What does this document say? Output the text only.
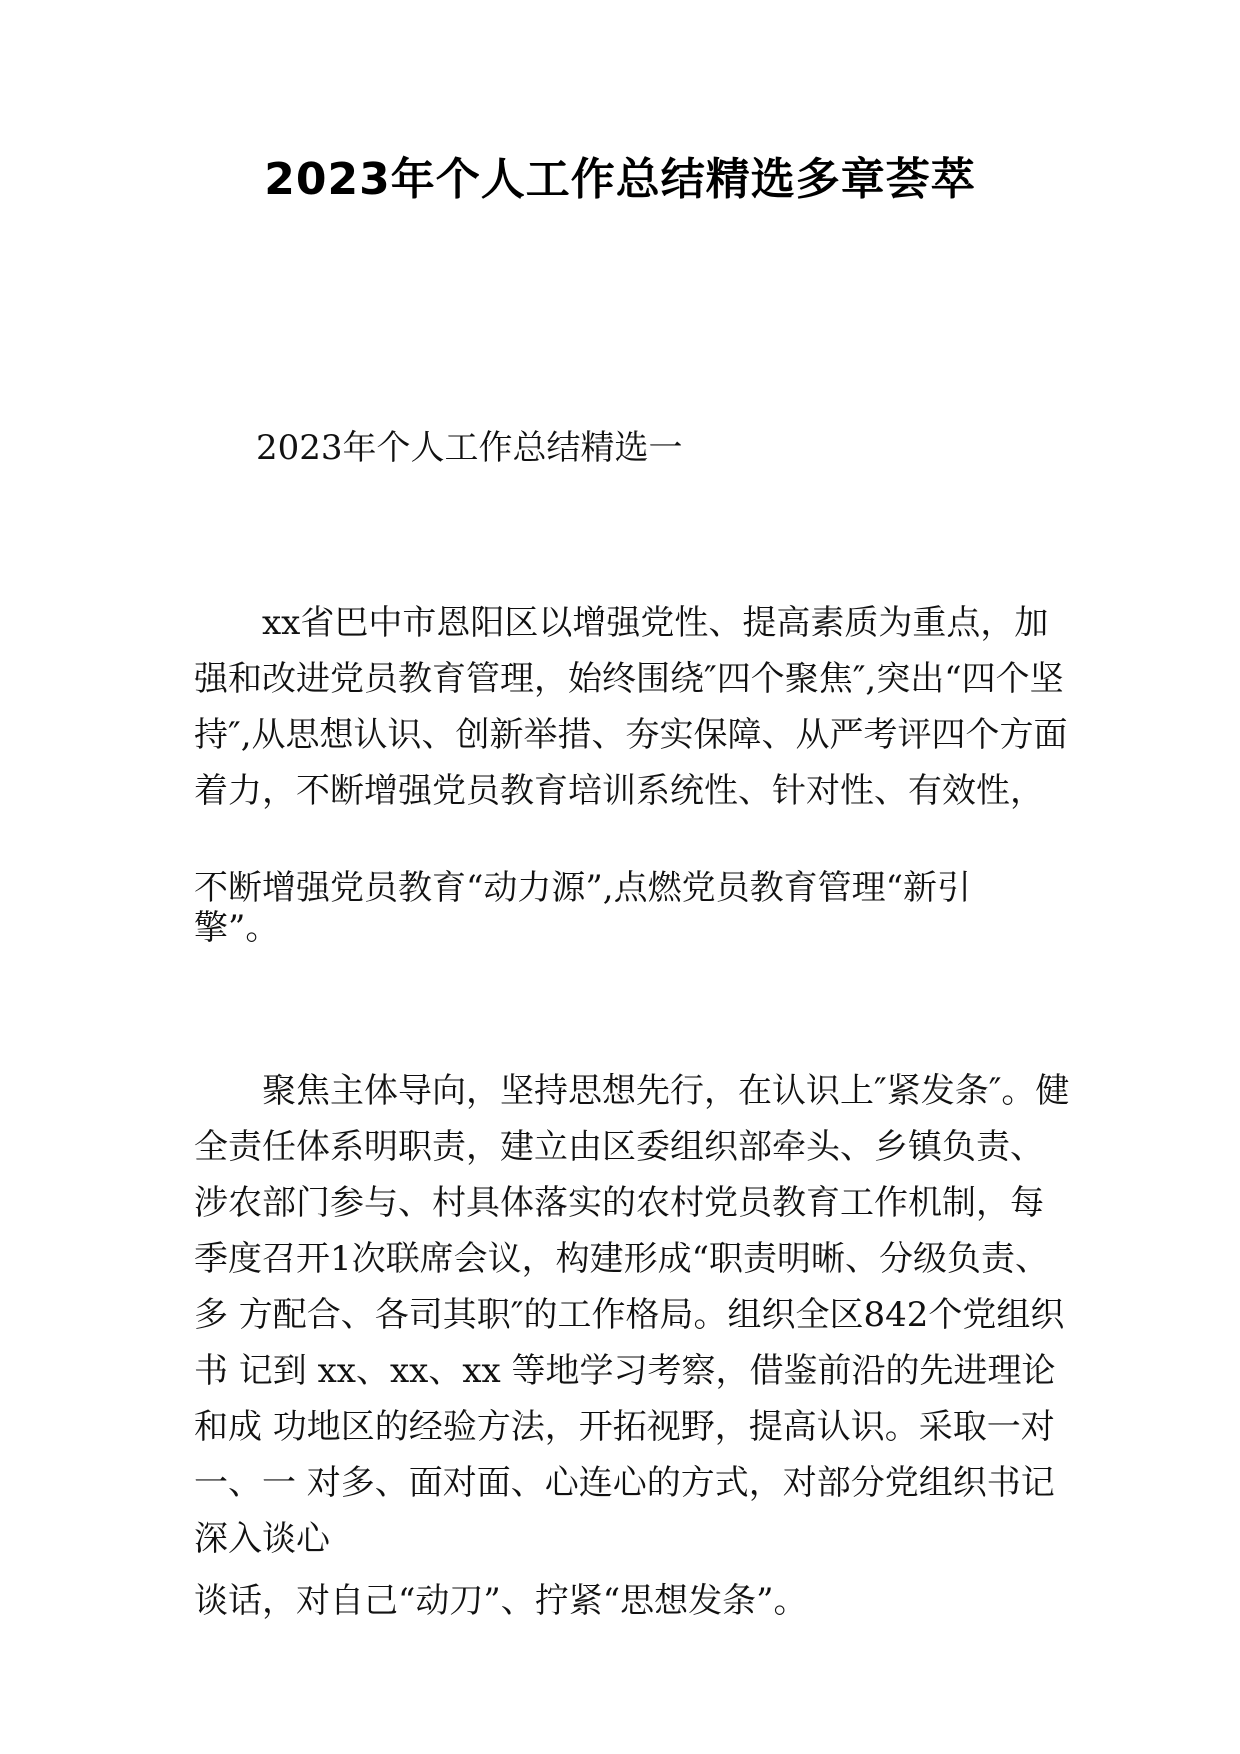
2023年个人工作总结精选多章荟萃
2023年个人工作总结精选一
xx省巴中市恩阳区以增强党性、提高素质为重点，加强和改进党员教育管理，始终围绕″四个聚焦″,突出“四个坚持″,从思想认识、创新举措、夯实保障、从严考评四个方面着力，不断增强党员教育培训系统性、针对性、有效性，
不断增强党员教育“动力源”,点燃党员教育管理“新引擎”。
聚焦主体导向，坚持思想先行，在认识上″紧发条″。健全责任体系明职责，建立由区委组织部牵头、乡镇负责、涉农部门参与、村具体落实的农村党员教育工作机制，每季度召开1次联席会议，构建形成“职责明晰、分级负责、多 方配合、各司其职″的工作格局。组织全区842个党组织书 记到 xx、xx、xx 等地学习考察，借鉴前沿的先进理论和成 功地区的经验方法，开拓视野，提高认识。采取一对一、一 对多、面对面、心连心的方式，对部分党组织书记深入谈心
谈话，对自己“动刀”、拧紧“思想发条”。
